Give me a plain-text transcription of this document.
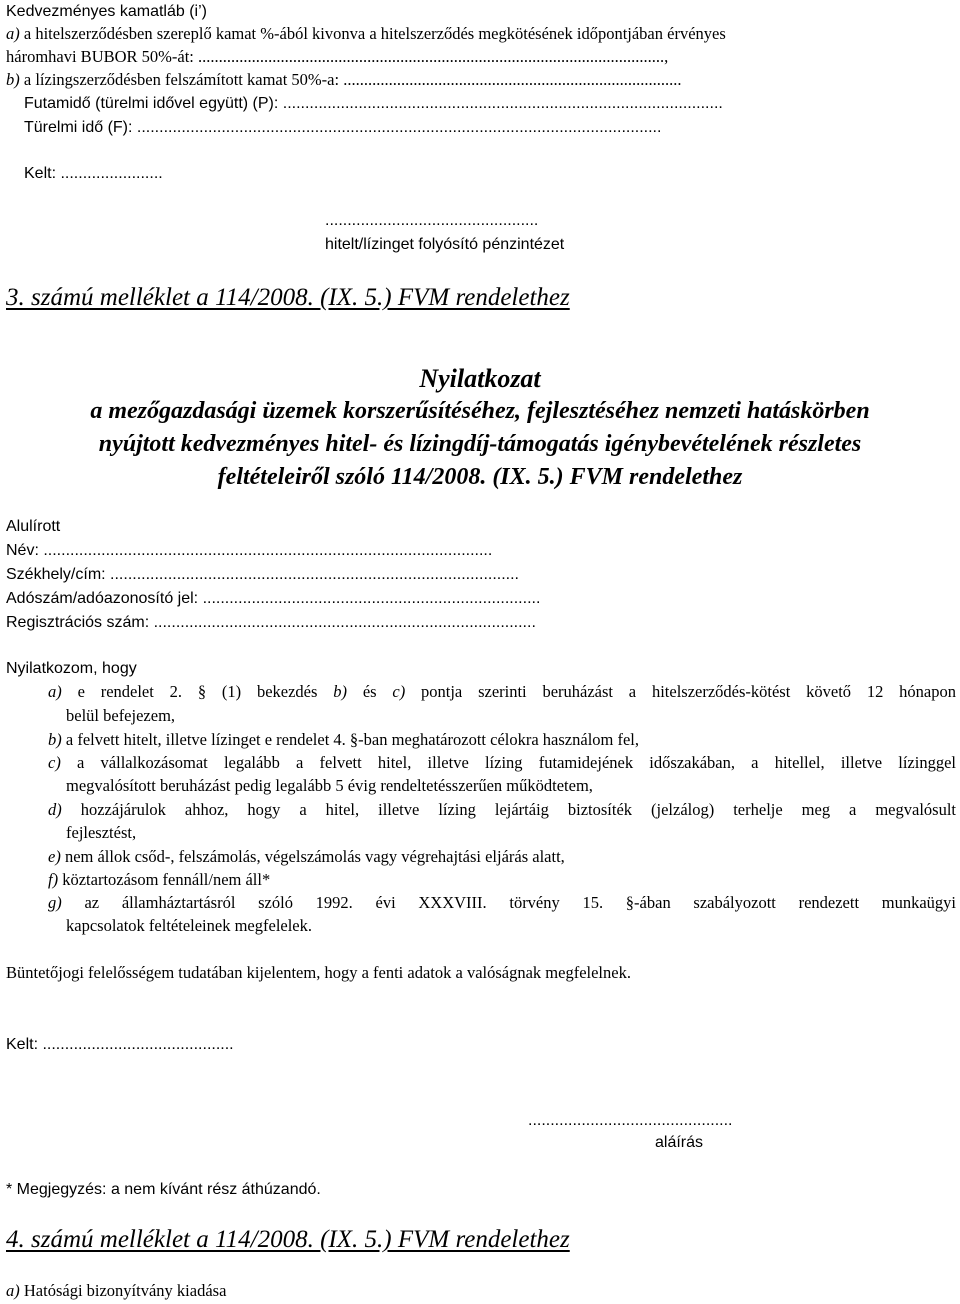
Kedvezményes kamatláb (i’)
a) a hitelszerződésben szereplő kamat %-ából kivonva a hitelszerződés megkötésének időpontjában érvényes
háromhavi BUBOR 50%-át: .................................................................................................................,
b) a lízingszerződésben felszámított kamat 50%-a: ..................................................................................
Futamidő (türelmi idővel együtt) (P): ...................................................................................................
Türelmi idő (F): ......................................................................................................................
Kelt: .......................
................................................
hitelt/lízinget folyósító pénzintézet
3. számú melléklet a 114/2008. (IX. 5.) FVM rendelethez
Nyilatkozat
a mezőgazdasági üzemek korszerűsítéséhez, fejlesztéséhez nemzeti hatáskörben
nyújtott kedvezményes hitel- és lízingdíj-támogatás igénybevételének részletes
feltételeiről szóló 114/2008. (IX. 5.) FVM rendelethez
Alulírott
Név: .....................................................................................................
Székhely/cím: ............................................................................................
Adószám/adóazonosító jel: ............................................................................
Regisztrációs szám: ......................................................................................
Nyilatkozom, hogy
a) e rendelet 2. § (1) bekezdés b) és c) pontja szerinti beruházást a hitelszerződés-kötést követő 12 hónapon
belül befejezem,
b) a felvett hitelt, illetve lízinget e rendelet 4. §-ban meghatározott célokra használom fel,
c) a vállalkozásomat legalább a felvett hitel, illetve lízing futamidejének időszakában, a hitellel, illetve lízinggel
megvalósított beruházást pedig legalább 5 évig rendeltetésszerűen működtetem,
d) hozzájárulok ahhoz, hogy a hitel, illetve lízing lejártáig biztosíték (jelzálog) terhelje meg a megvalósult
fejlesztést,
e) nem állok csőd-, felszámolás, végelszámolás vagy végrehajtási eljárás alatt,
f) köztartozásom fennáll/nem áll*
g) az államháztartásról szóló 1992. évi XXXVIII. törvény 15. §-ában szabályozott rendezett munkaügyi
kapcsolatok feltételeinek megfelelek.
Büntetőjogi felelősségem tudatában kijelentem, hogy a fenti adatok a valóságnak megfelelnek.
Kelt: ...........................................
..............................................
aláírás
* Megjegyzés: a nem kívánt rész áthúzandó.
4. számú melléklet a 114/2008. (IX. 5.) FVM rendelethez
a) Hatósági bizonyítvány kiadása
